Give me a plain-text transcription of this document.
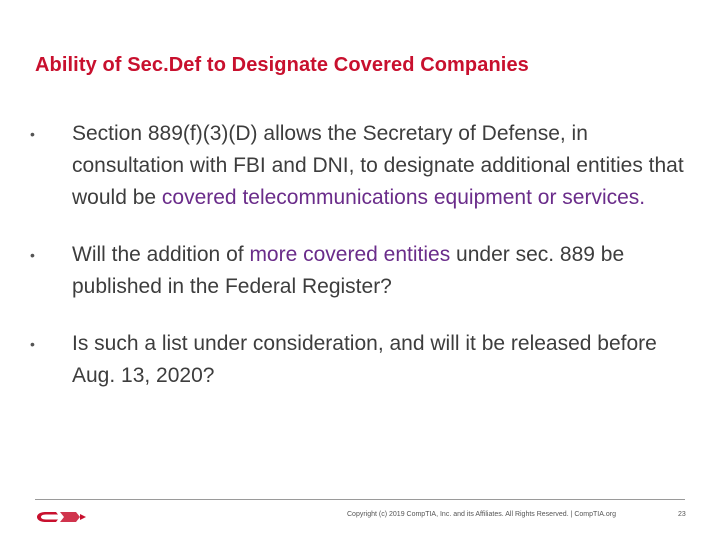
Ability of Sec.Def to Designate Covered Companies
• Section 889(f)(3)(D) allows the Secretary of Defense, in consultation with FBI and DNI, to designate additional entities that would be covered telecommunications equipment or services.
• Will the addition of more covered entities under sec. 889 be published in the Federal Register?
• Is such a list under consideration, and will it be released before Aug. 13, 2020?
Copyright (c) 2019 CompTIA, Inc. and its Affiliates. All Rights Reserved. | CompTIA.org	23
